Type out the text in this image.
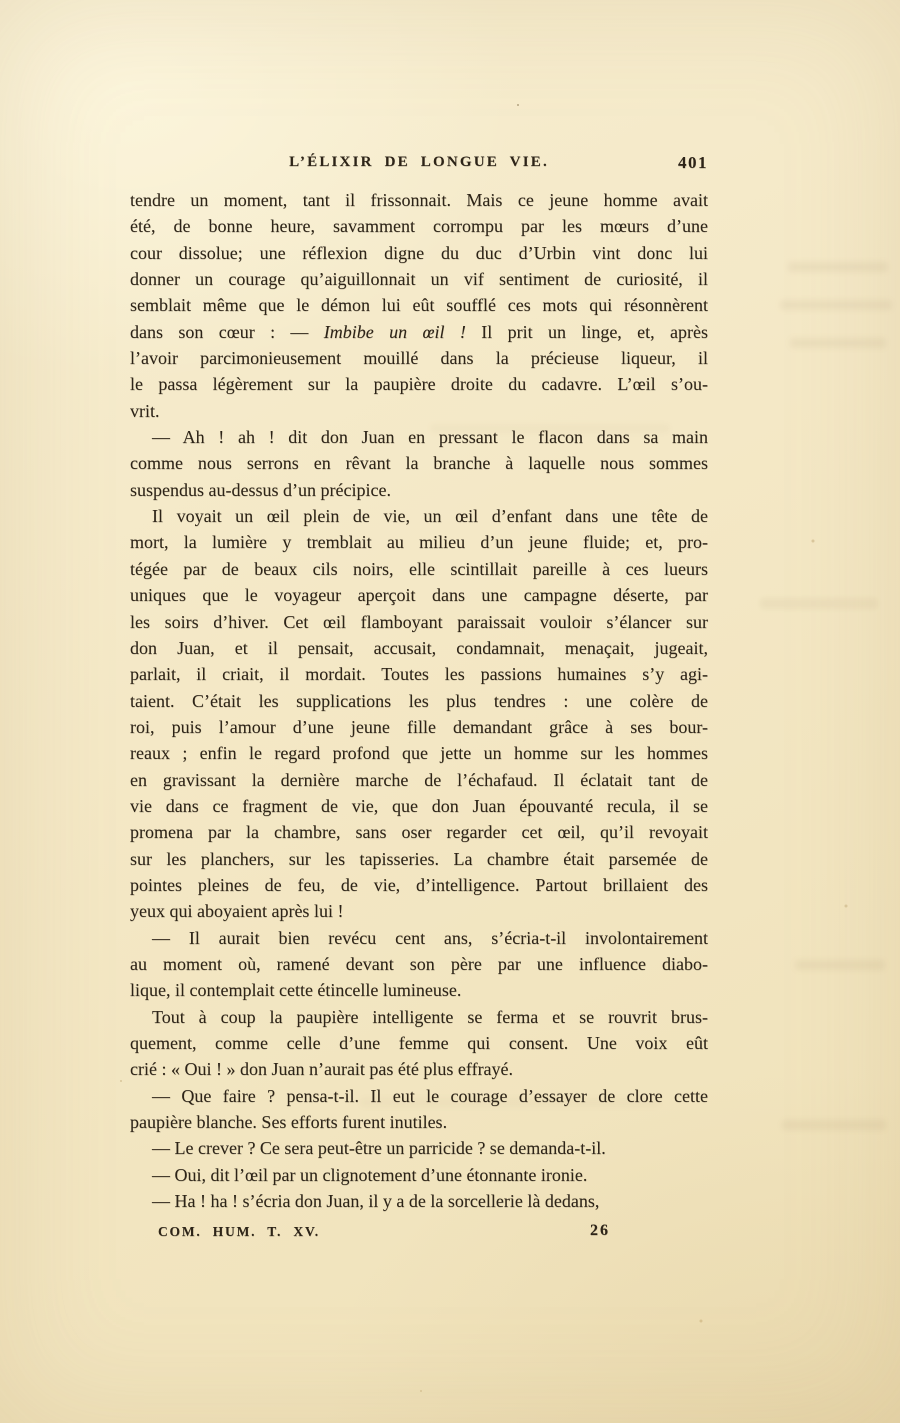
L’ÉLIXIR DE LONGUE VIE.	401
tendre un moment, tant il frissonnait. Mais ce jeune homme avait
été, de bonne heure, savamment corrompu par les mœurs d’une
cour dissolue; une réflexion digne du duc d’Urbin vint donc lui
donner un courage qu’aiguillonnait un vif sentiment de curiosité, il
semblait même que le démon lui eût soufflé ces mots qui résonnèrent
dans son cœur : — Imbibe un œil ! Il prit un linge, et, après
l’avoir parcimonieusement mouillé dans la précieuse liqueur, il
le passa légèrement sur la paupière droite du cadavre. L’œil s’ou-
vrit.
— Ah ! ah ! dit don Juan en pressant le flacon dans sa main
comme nous serrons en rêvant la branche à laquelle nous sommes
suspendus au-dessus d’un précipice.
Il voyait un œil plein de vie, un œil d’enfant dans une tête de
mort, la lumière y tremblait au milieu d’un jeune fluide; et, pro-
tégée par de beaux cils noirs, elle scintillait pareille à ces lueurs
uniques que le voyageur aperçoit dans une campagne déserte, par
les soirs d’hiver. Cet œil flamboyant paraissait vouloir s’élancer sur
don Juan, et il pensait, accusait, condamnait, menaçait, jugeait,
parlait, il criait, il mordait. Toutes les passions humaines s’y agi-
taient. C’était les supplications les plus tendres : une colère de
roi, puis l’amour d’une jeune fille demandant grâce à ses bour-
reaux ; enfin le regard profond que jette un homme sur les hommes
en gravissant la dernière marche de l’échafaud. Il éclatait tant de
vie dans ce fragment de vie, que don Juan épouvanté recula, il se
promena par la chambre, sans oser regarder cet œil, qu’il revoyait
sur les planchers, sur les tapisseries. La chambre était parsemée de
pointes pleines de feu, de vie, d’intelligence. Partout brillaient des
yeux qui aboyaient après lui !
— Il aurait bien revécu cent ans, s’écria-t-il involontairement
au moment où, ramené devant son père par une influence diabo-
lique, il contemplait cette étincelle lumineuse.
Tout à coup la paupière intelligente se ferma et se rouvrit brus-
quement, comme celle d’une femme qui consent. Une voix eût
crié : « Oui ! » don Juan n’aurait pas été plus effrayé.
— Que faire ? pensa-t-il. Il eut le courage d’essayer de clore cette
paupière blanche. Ses efforts furent inutiles.
— Le crever ? Ce sera peut-être un parricide ? se demanda-t-il.
— Oui, dit l’œil par un clignotement d’une étonnante ironie.
— Ha ! ha ! s’écria don Juan, il y a de la sorcellerie là dedans,
COM. HUM. T. XV.	26
